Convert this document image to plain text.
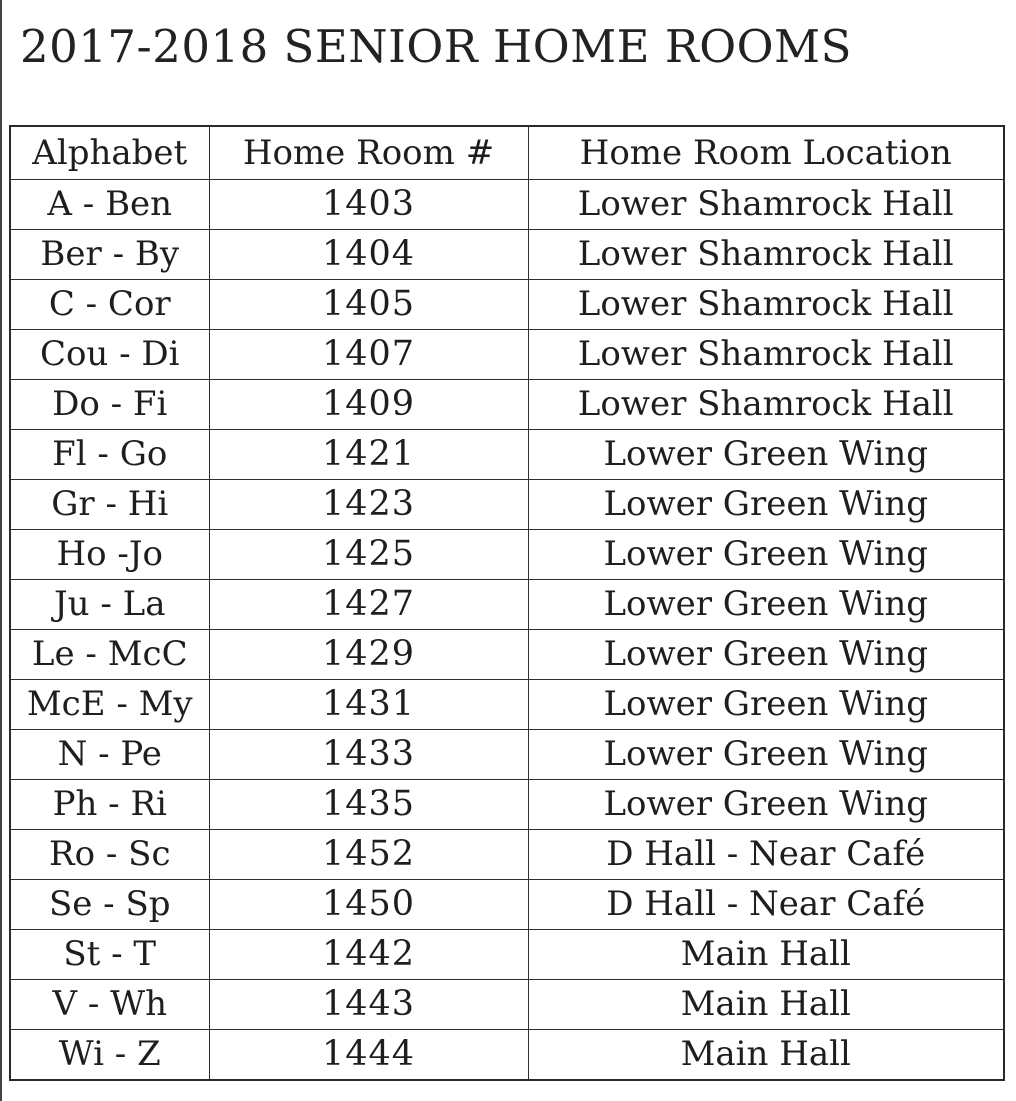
2017-2018 SENIOR HOME ROOMS
Alphabet	Home Room #	Home Room Location
A - Ben	1403	Lower Shamrock Hall
Ber - By	1404	Lower Shamrock Hall
C - Cor	1405	Lower Shamrock Hall
Cou - Di	1407	Lower Shamrock Hall
Do - Fi	1409	Lower Shamrock Hall
Fl - Go	1421	Lower Green Wing
Gr - Hi	1423	Lower Green Wing
Ho -Jo	1425	Lower Green Wing
Ju - La	1427	Lower Green Wing
Le - McC	1429	Lower Green Wing
McE - My	1431	Lower Green Wing
N - Pe	1433	Lower Green Wing
Ph - Ri	1435	Lower Green Wing
Ro - Sc	1452	D Hall - Near Café
Se - Sp	1450	D Hall - Near Café
St - T	1442	Main Hall
V - Wh	1443	Main Hall
Wi - Z	1444	Main Hall
